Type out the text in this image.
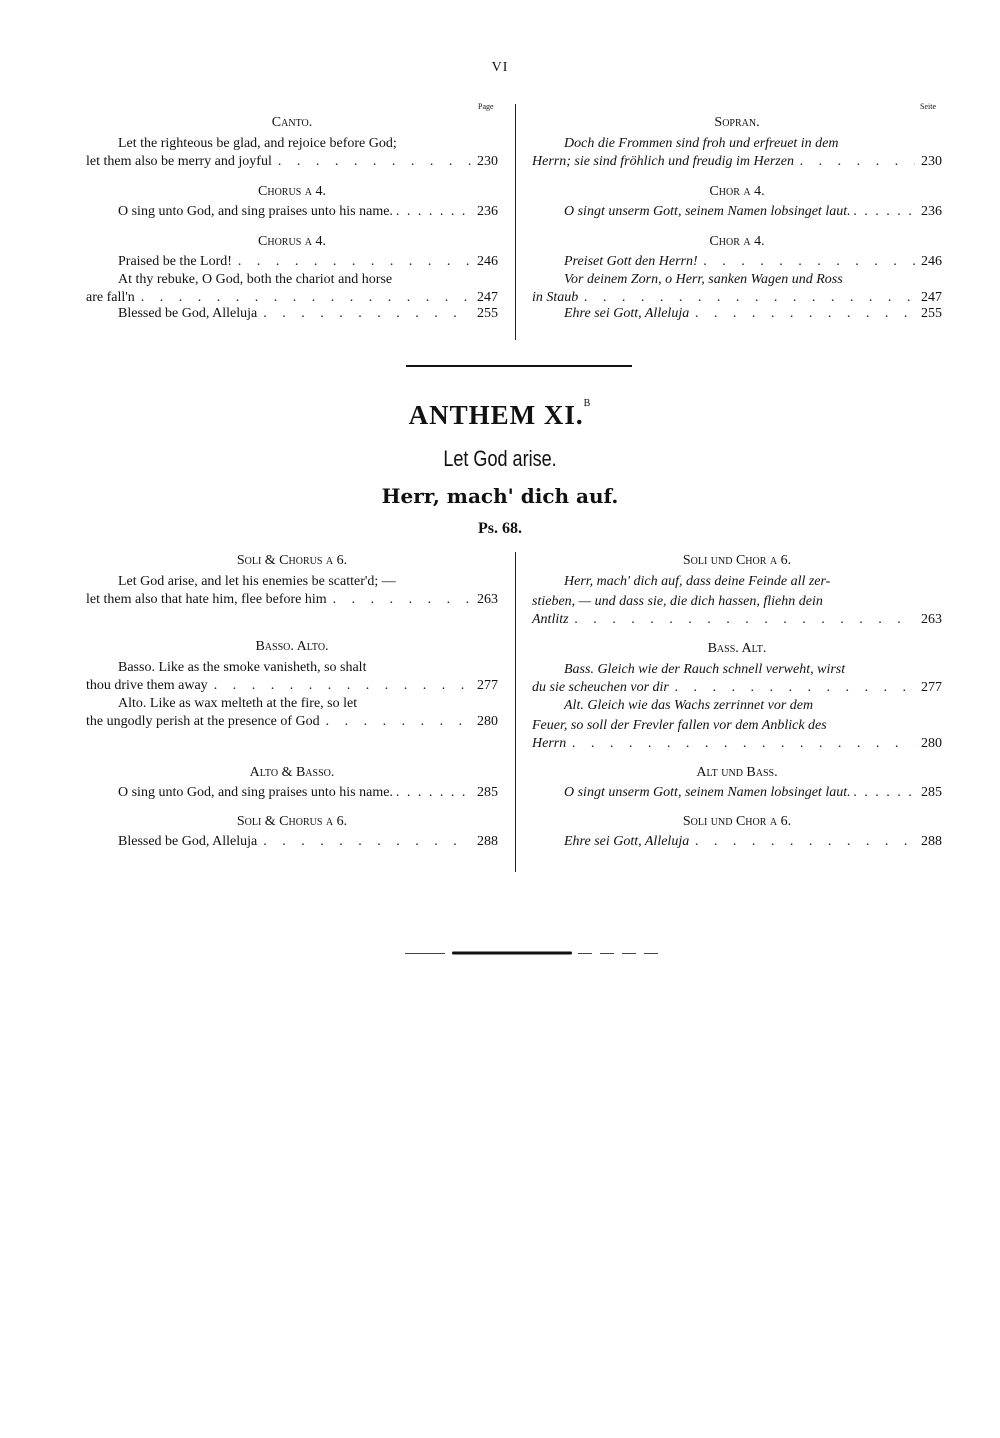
VI
Page	Seite
Canto.
Let the righteous be glad, and rejoice before God;
let them also be merry and joyful . . .	230
Chorus a 4.
O sing unto God, and sing praises unto his name. . . .	236
Chorus a 4.
Praised be the Lord! . . .	246
At thy rebuke, O God, both the chariot and horse
are fall'n . . .	247
Blessed be God, Alleluja . . .	255
Sopran.
Doch die Frommen sind froh und erfreuet in dem
Herrn; sie sind fröhlich und freudig im Herzen . . .	230
Chor a 4.
O singt unserm Gott, seinem Namen lobsinget laut. . . .	236
Chor a 4.
Preiset Gott den Herrn! . . .	246
Vor deinem Zorn, o Herr, sanken Wagen und Ross
in Staub . . .	247
Ehre sei Gott, Alleluja . . .	255
ANTHEM XI.$^B$
Let God arise.
Herr, mach' dich auf.
Ps. 68.
Soli & Chorus a 6.
Let God arise, and let his enemies be scatter'd; —
let them also that hate him, flee before him . . .	263
Basso. Alto.
Basso. Like as the smoke vanisheth, so shalt
thou drive them away . . .	277
Alto. Like as wax melteth at the fire, so let
the ungodly perish at the presence of God . . .	280
Alto & Basso.
O sing unto God, and sing praises unto his name. . . .	285
Soli & Chorus a 6.
Blessed be God, Alleluja . . .	288
Soli und Chor a 6.
Herr, mach' dich auf, dass deine Feinde all zer-
stieben, — und dass sie, die dich hassen, fliehn dein
Antlitz . . .	263
Bass. Alt.
Bass. Gleich wie der Rauch schnell verweht, wirst
du sie scheuchen vor dir . . .	277
Alt. Gleich wie das Wachs zerrinnet vor dem
Feuer, so soll der Frevler fallen vor dem Anblick des
Herrn . . .	280
Alt und Bass.
O singt unserm Gott, seinem Namen lobsinget laut. . . .	285
Soli und Chor a 6.
Ehre sei Gott, Alleluja . . .	288
